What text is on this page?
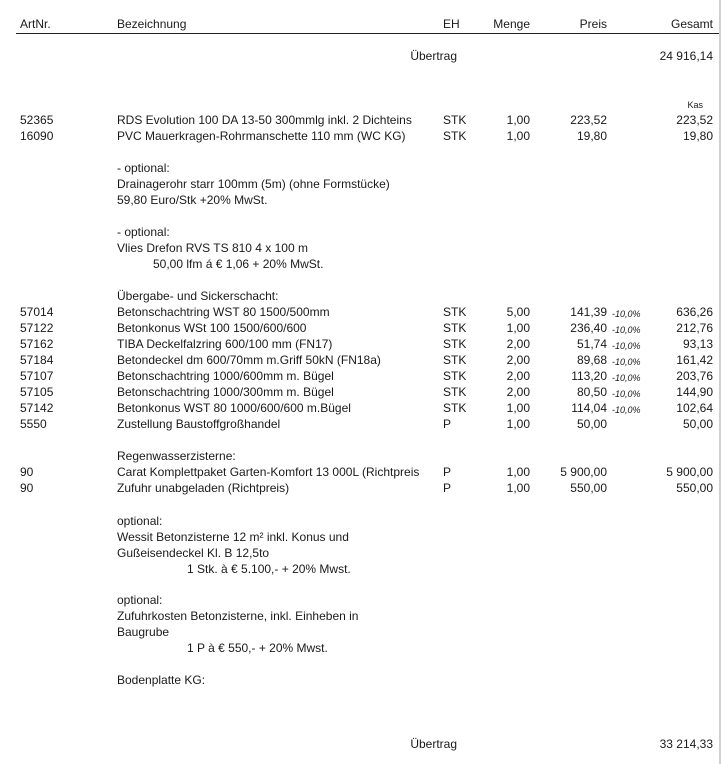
ArtNr.	Bezeichnung	EH	Menge	Preis	Gesamt
Übertrag	24 916,14
Kas
52365	RDS Evolution 100 DA 13-50 300mmlg inkl. 2 Dichteins	STK	1,00	223,52	223,52
16090	PVC Mauerkragen-Rohrmanschette 110 mm (WC KG)	STK	1,00	19,80	19,80
- optional:
Drainagerohr starr 100mm (5m) (ohne Formstücke)
59,80 Euro/Stk +20% MwSt.
- optional:
Vlies Drefon RVS TS 810 4 x 100 m
50,00 lfm á € 1,06 + 20% MwSt.
Übergabe- und Sickerschacht:
57014	Betonschachtring WST 80 1500/500mm	STK	5,00	141,39 -10,0%	636,26
57122	Betonkonus WSt 100 1500/600/600	STK	1,00	236,40 -10,0%	212,76
57162	TIBA Deckelfalzring 600/100 mm (FN17)	STK	2,00	51,74 -10,0%	93,13
57184	Betondeckel dm 600/70mm m.Griff 50kN (FN18a)	STK	2,00	89,68 -10,0%	161,42
57107	Betonschachtring 1000/600mm m. Bügel	STK	2,00	113,20 -10,0%	203,76
57105	Betonschachtring 1000/300mm m. Bügel	STK	2,00	80,50 -10,0%	144,90
57142	Betonkonus WST 80 1000/600/600 m.Bügel	STK	1,00	114,04 -10,0%	102,64
5550	Zustellung Baustoffgroßhandel	P	1,00	50,00	50,00
Regenwasserzisterne:
90	Carat Komplettpaket Garten-Komfort 13 000L (Richtpreis	P	1,00	5 900,00	5 900,00
90	Zufuhr unabgeladen (Richtpreis)	P	1,00	550,00	550,00
optional:
Wessit Betonzisterne 12 m² inkl. Konus und
Gußeisendeckel Kl. B 12,5to
1 Stk. à € 5.100,- + 20% Mwst.
optional:
Zufuhrkosten Betonzisterne, inkl. Einheben in
Baugrube
1 P à € 550,- + 20% Mwst.
Bodenplatte KG:
Übertrag	33 214,33
